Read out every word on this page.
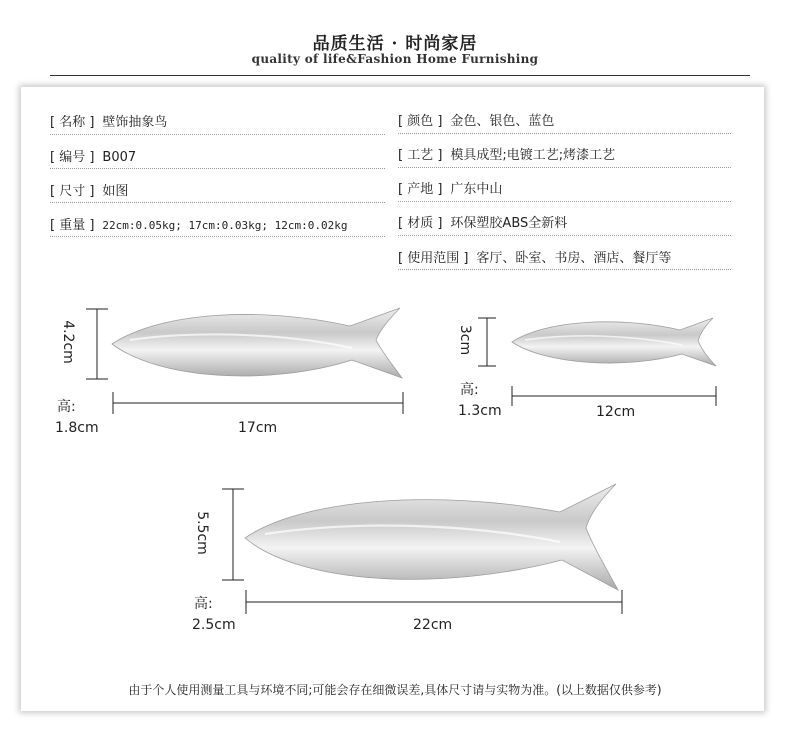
品质生活 · 时尚家居
quality of life&Fashion Home Furnishing
[ 名称 ] 壁饰抽象鸟
[ 编号 ] B007
[ 尺寸 ] 如图
[ 重量 ] 22cm:0.05kg; 17cm:0.03kg; 12cm:0.02kg
[ 颜色 ] 金色、银色、蓝色
[ 工艺 ] 模具成型;电镀工艺;烤漆工艺
[ 产地 ] 广东中山
[ 材质 ] 环保塑胶ABS全新料
[ 使用范围 ] 客厅、卧室、书房、酒店、餐厅等
4.2cm
高:
1.8cm	17cm
3cm
高:
1.3cm	12cm
5.5cm
高:
2.5cm	22cm
由于个人使用测量工具与环境不同;可能会存在细微误差,具体尺寸请与实物为准。(以上数据仅供参考)
